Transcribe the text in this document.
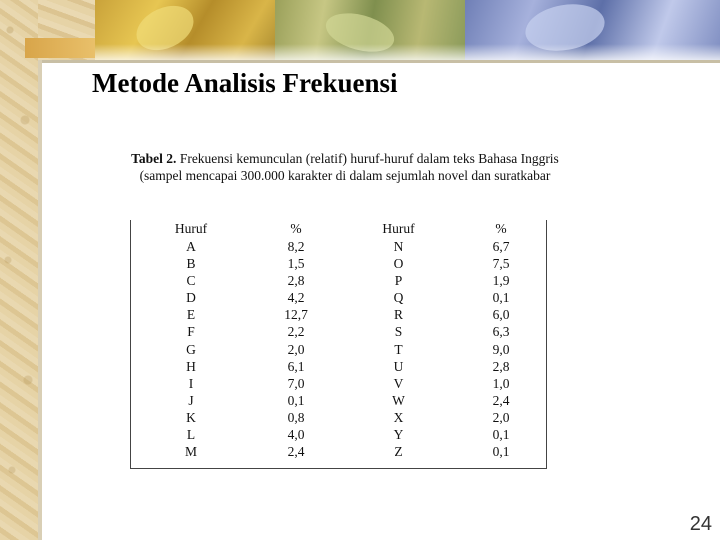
Metode Analisis Frekuensi
Tabel 2. Frekuensi kemunculan (relatif) huruf-huruf dalam teks Bahasa Inggris (sampel mencapai 300.000 karakter di dalam sejumlah novel dan suratkabar
Huruf	%	Huruf	%
A	8,2	N	6,7
B	1,5	O	7,5
C	2,8	P	1,9
D	4,2	Q	0,1
E	12,7	R	6,0
F	2,2	S	6,3
G	2,0	T	9,0
H	6,1	U	2,8
I	7,0	V	1,0
J	0,1	W	2,4
K	0,8	X	2,0
L	4,0	Y	0,1
M	2,4	Z	0,1
24
